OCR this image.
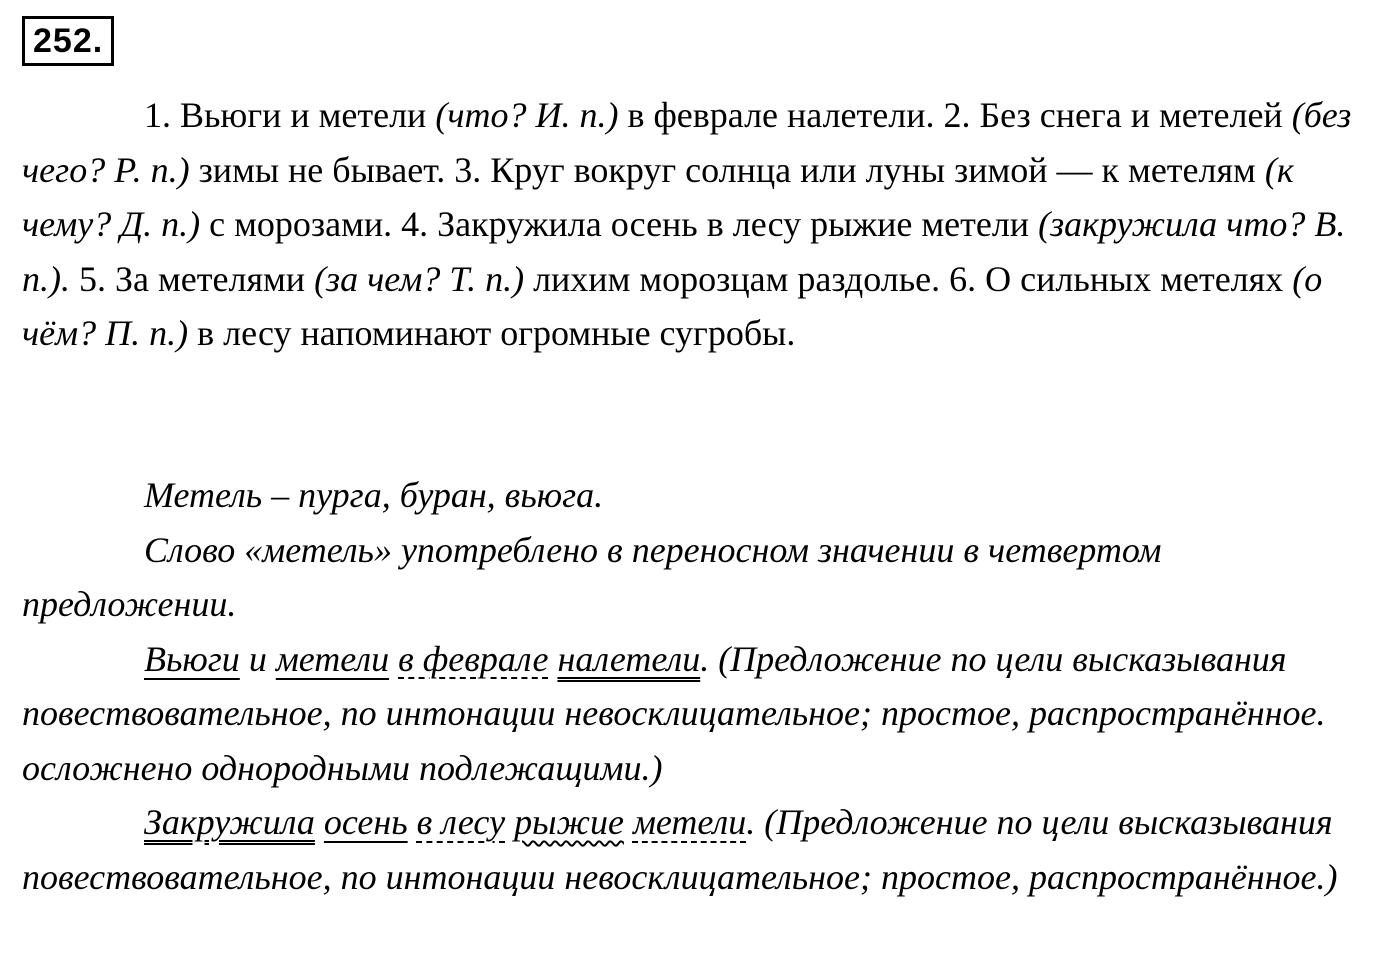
252.

1. Вьюги и метели (что? И. п.) в феврале налетели. 2. Без снега и метелей (без чего? Р. п.) зимы не бывает. 3. Круг вокруг солнца или луны зимой — к метелям (к чему? Д. п.) с морозами. 4. Закружила осень в лесу рыжие метели (закружила что? В. п.). 5. За метелями (за чем? Т. п.) лихим морозцам раздолье. 6. О сильных метелях (о чём? П. п.) в лесу напоминают огромные сугробы.

Метель – пурга, буран, вьюга.

Слово «метель» употреблено в переносном значении в четвертом предложении.

Вьюги и метели в феврале налетели. (Предложение по цели высказывания повествовательное, по интонации невосклицательное; простое, распространённое. осложнено однородными подлежащими.)

Закружила осень в лесу рыжие метели. (Предложение по цели высказывания повествовательное, по интонации невосклицательное; простое, распространённое.)
